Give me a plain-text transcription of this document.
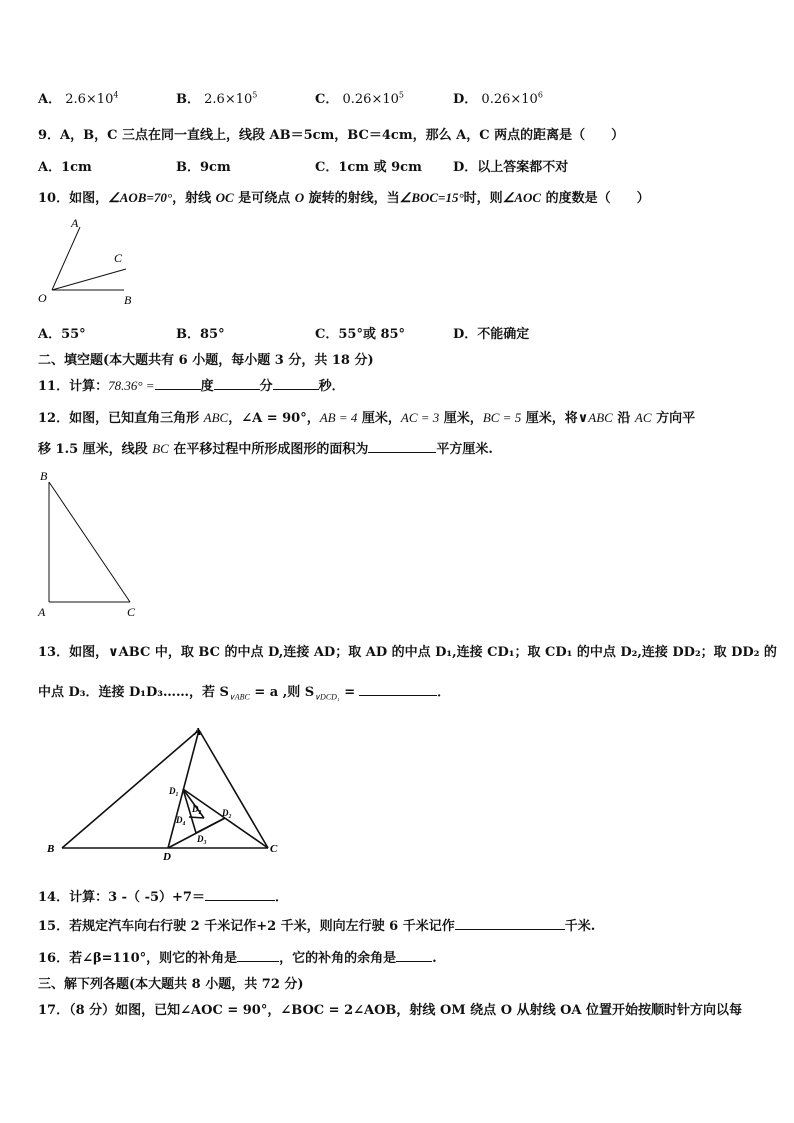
A． $2.6\times 10^4$	B． $2.6\times 10^5$	C． $0.26\times 10^5$	D． $0.26\times 10^6$
9．A，B，C 三点在同一直线上，线段 AB＝5cm，BC＝4cm，那么 A，C 两点的距离是（　　）
A．1cm	B．9cm	C．1cm 或 9cm D．以上答案都不对
10．如图，∠AOB=70°，射线 OC 是可绕点 O 旋转的射线，当∠BOC=15°时，则∠AOC 的度数是（　　）
A
C
O	B
A．55°	B．85°	C．55°或 85°	D．不能确定
二、填空题(本大题共有 6 小题，每小题 3 分，共 18 分)
11．计算：78.36° =	度	分	秒．
12．如图，已知直角三角形 ABC，∠A = 90°，AB = 4 厘米，AC = 3 厘米，BC = 5 厘米，将∨ABC 沿 AC 方向平
移 1.5 厘米，线段 BC 在平移过程中所形成图形的面积为	平方厘米.
B
A	C
13．如图，∨ABC 中，取 BC 的中点 D,连接 AD；取 AD 的中点 D₁,连接 CD₁；取 CD₁ 的中点 D₂,连接 DD₂；取 DD₂ 的
中点 D₃．连接 D₁D₃……，若 $S_{\vee ABC} = a$ ,则 $S_{\vee DCD_1}$ =	．
A
B	C
D
D₁
D₂ D₂
D₄
D₃
14．计算：3 -（ -5）+7＝	．
15．若规定汽车向右行驶 2 千米记作+2 千米，则向左行驶 6 千米记作	千米.
16．若∠β=110°，则它的补角是	，它的补角的余角是	.
三、解下列各题(本大题共 8 小题，共 72 分)
17．（8 分）如图，已知∠AOC = 90°，∠BOC = 2∠AOB，射线 OM 绕点 O 从射线 OA 位置开始按顺时针方向以每
